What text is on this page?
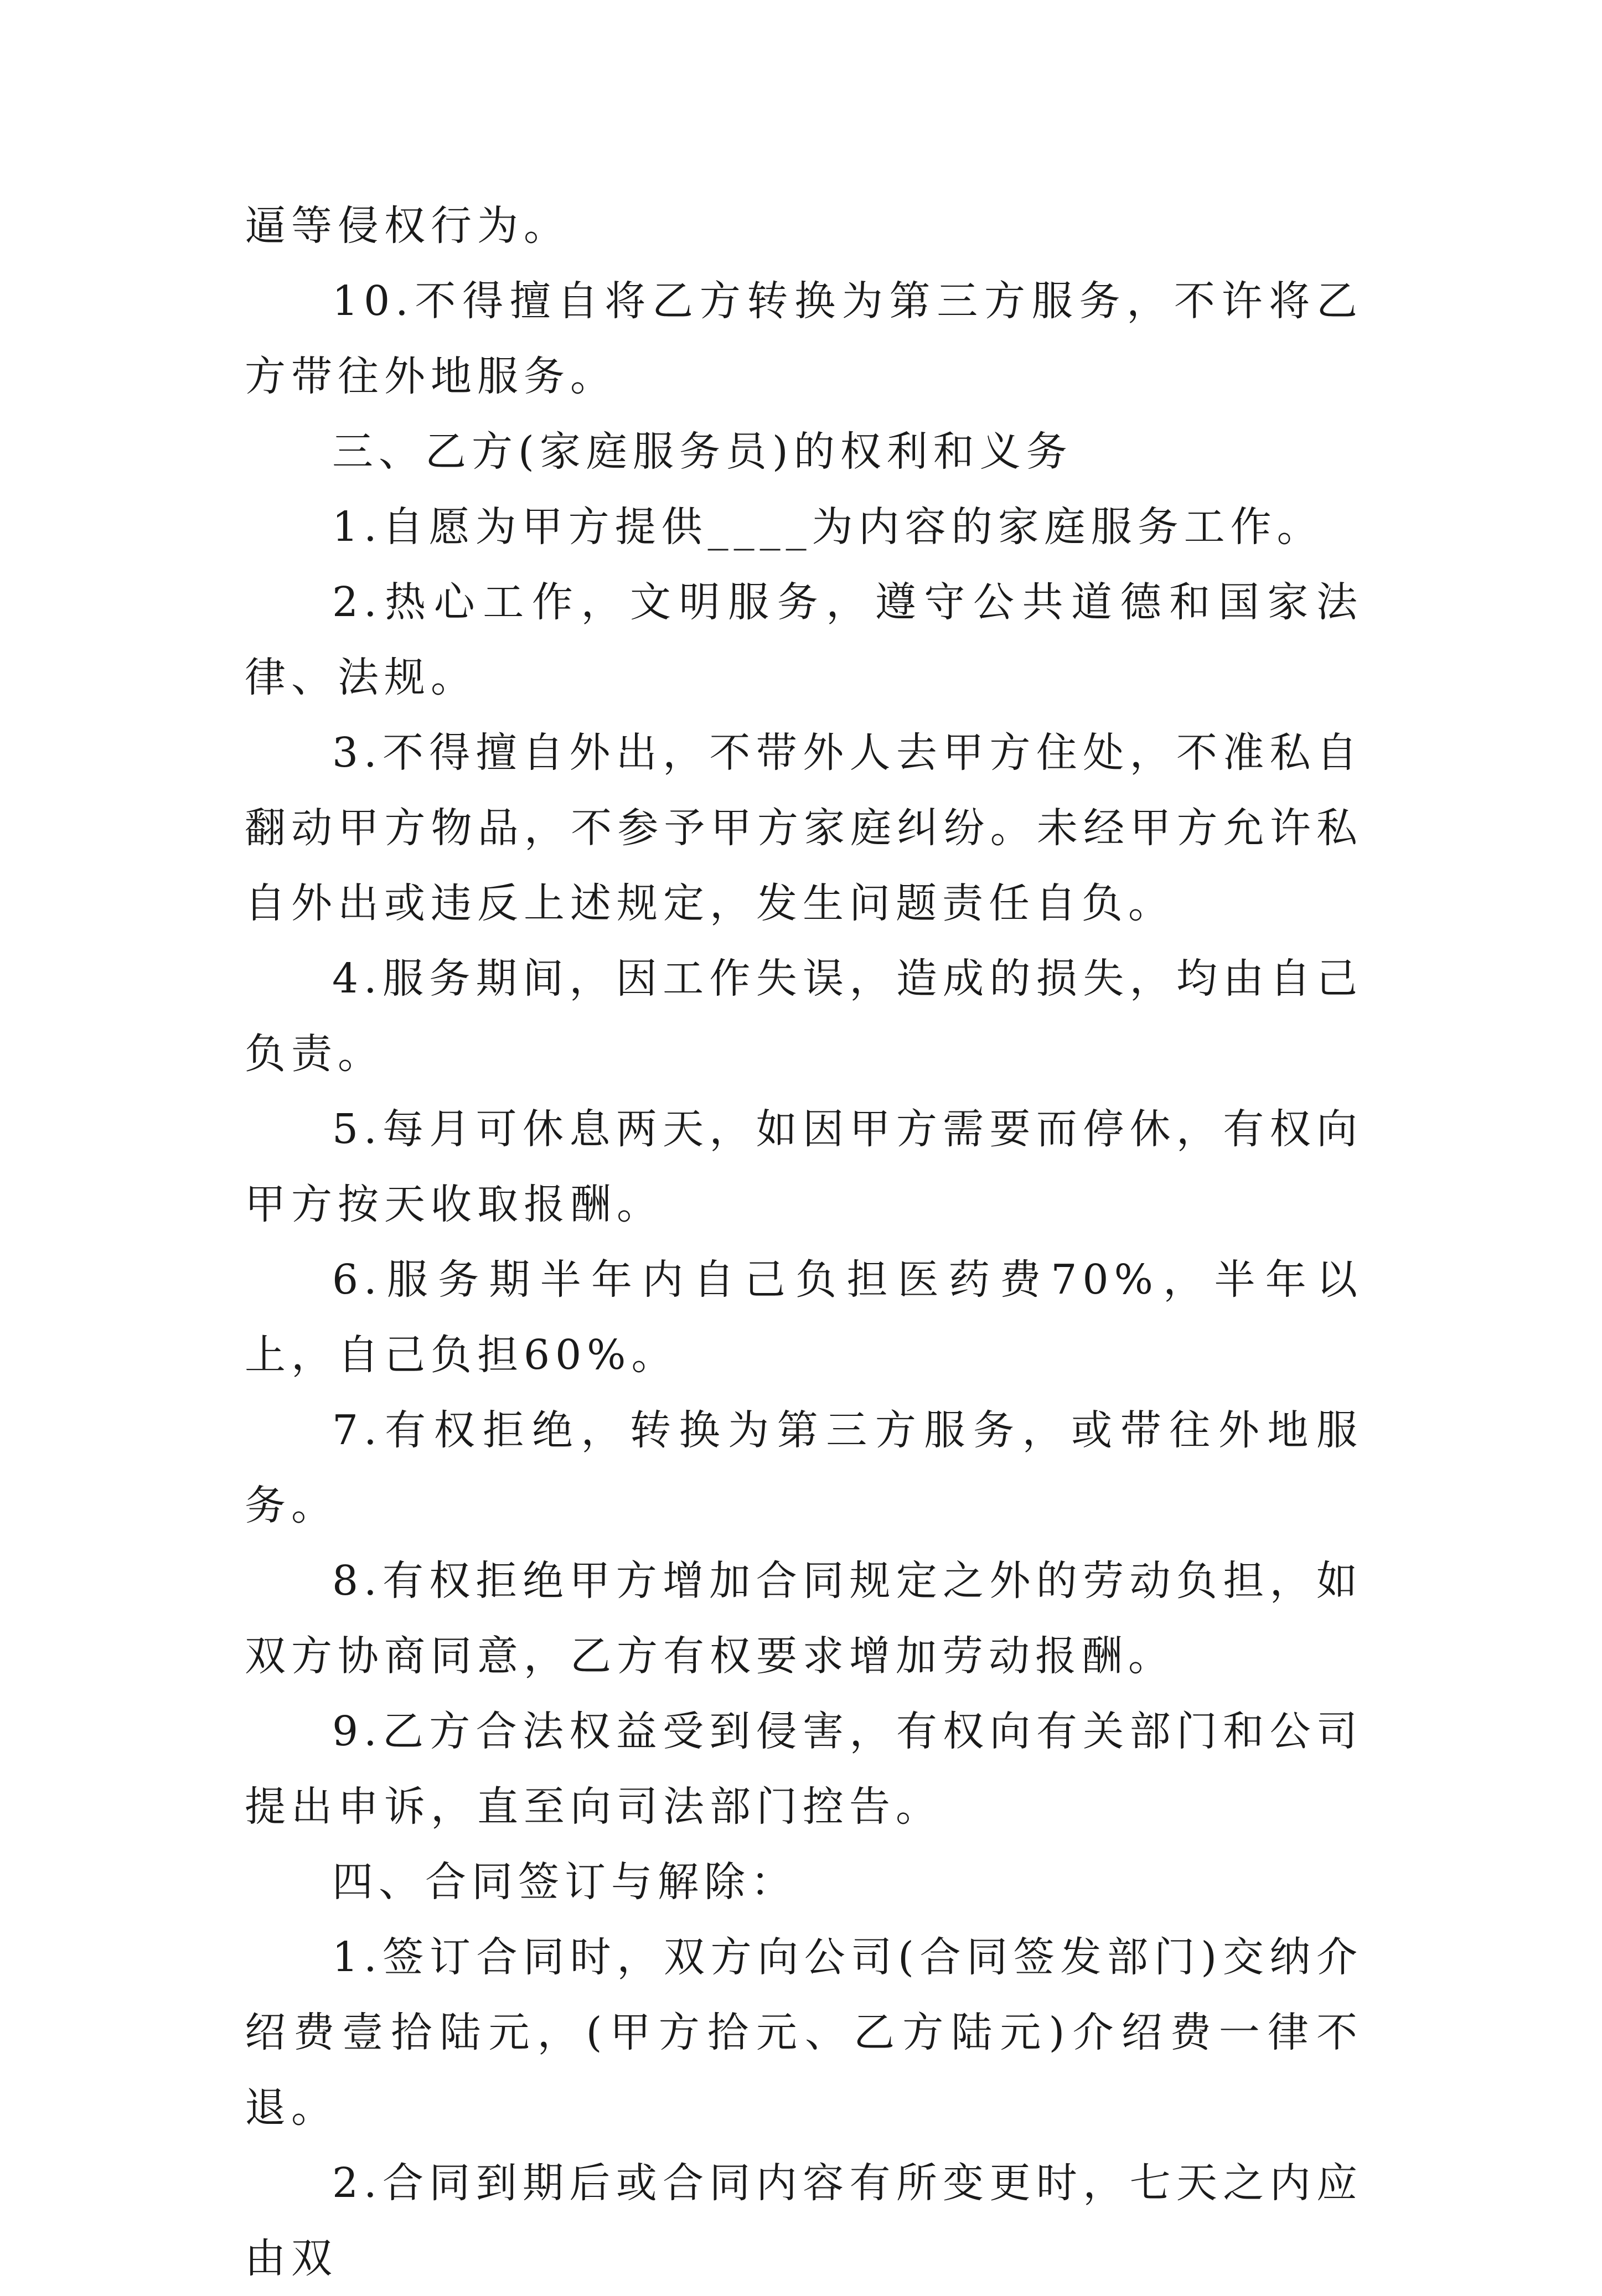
逼等侵权行为。

10.不得擅自将乙方转换为第三方服务，不许将乙方带往外地服务。

三、乙方(家庭服务员)的权利和义务

1.自愿为甲方提供____为内容的家庭服务工作。

2.热心工作，文明服务，遵守公共道德和国家法律、法规。

3.不得擅自外出，不带外人去甲方住处，不准私自翻动甲方物品，不参予甲方家庭纠纷。未经甲方允许私自外出或违反上述规定，发生问题责任自负。

4.服务期间，因工作失误，造成的损失，均由自己负责。

5.每月可休息两天，如因甲方需要而停休，有权向甲方按天收取报酬。

6.服务期半年内自己负担医药费70%，半年以上，自己负担60%。

7.有权拒绝，转换为第三方服务，或带往外地服务。

8.有权拒绝甲方增加合同规定之外的劳动负担，如双方协商同意，乙方有权要求增加劳动报酬。

9.乙方合法权益受到侵害，有权向有关部门和公司提出申诉，直至向司法部门控告。

四、合同签订与解除：

1.签订合同时，双方向公司(合同签发部门)交纳介绍费壹拾陆元，(甲方拾元、乙方陆元)介绍费一律不退。

2.合同到期后或合同内容有所变更时，七天之内应由双
